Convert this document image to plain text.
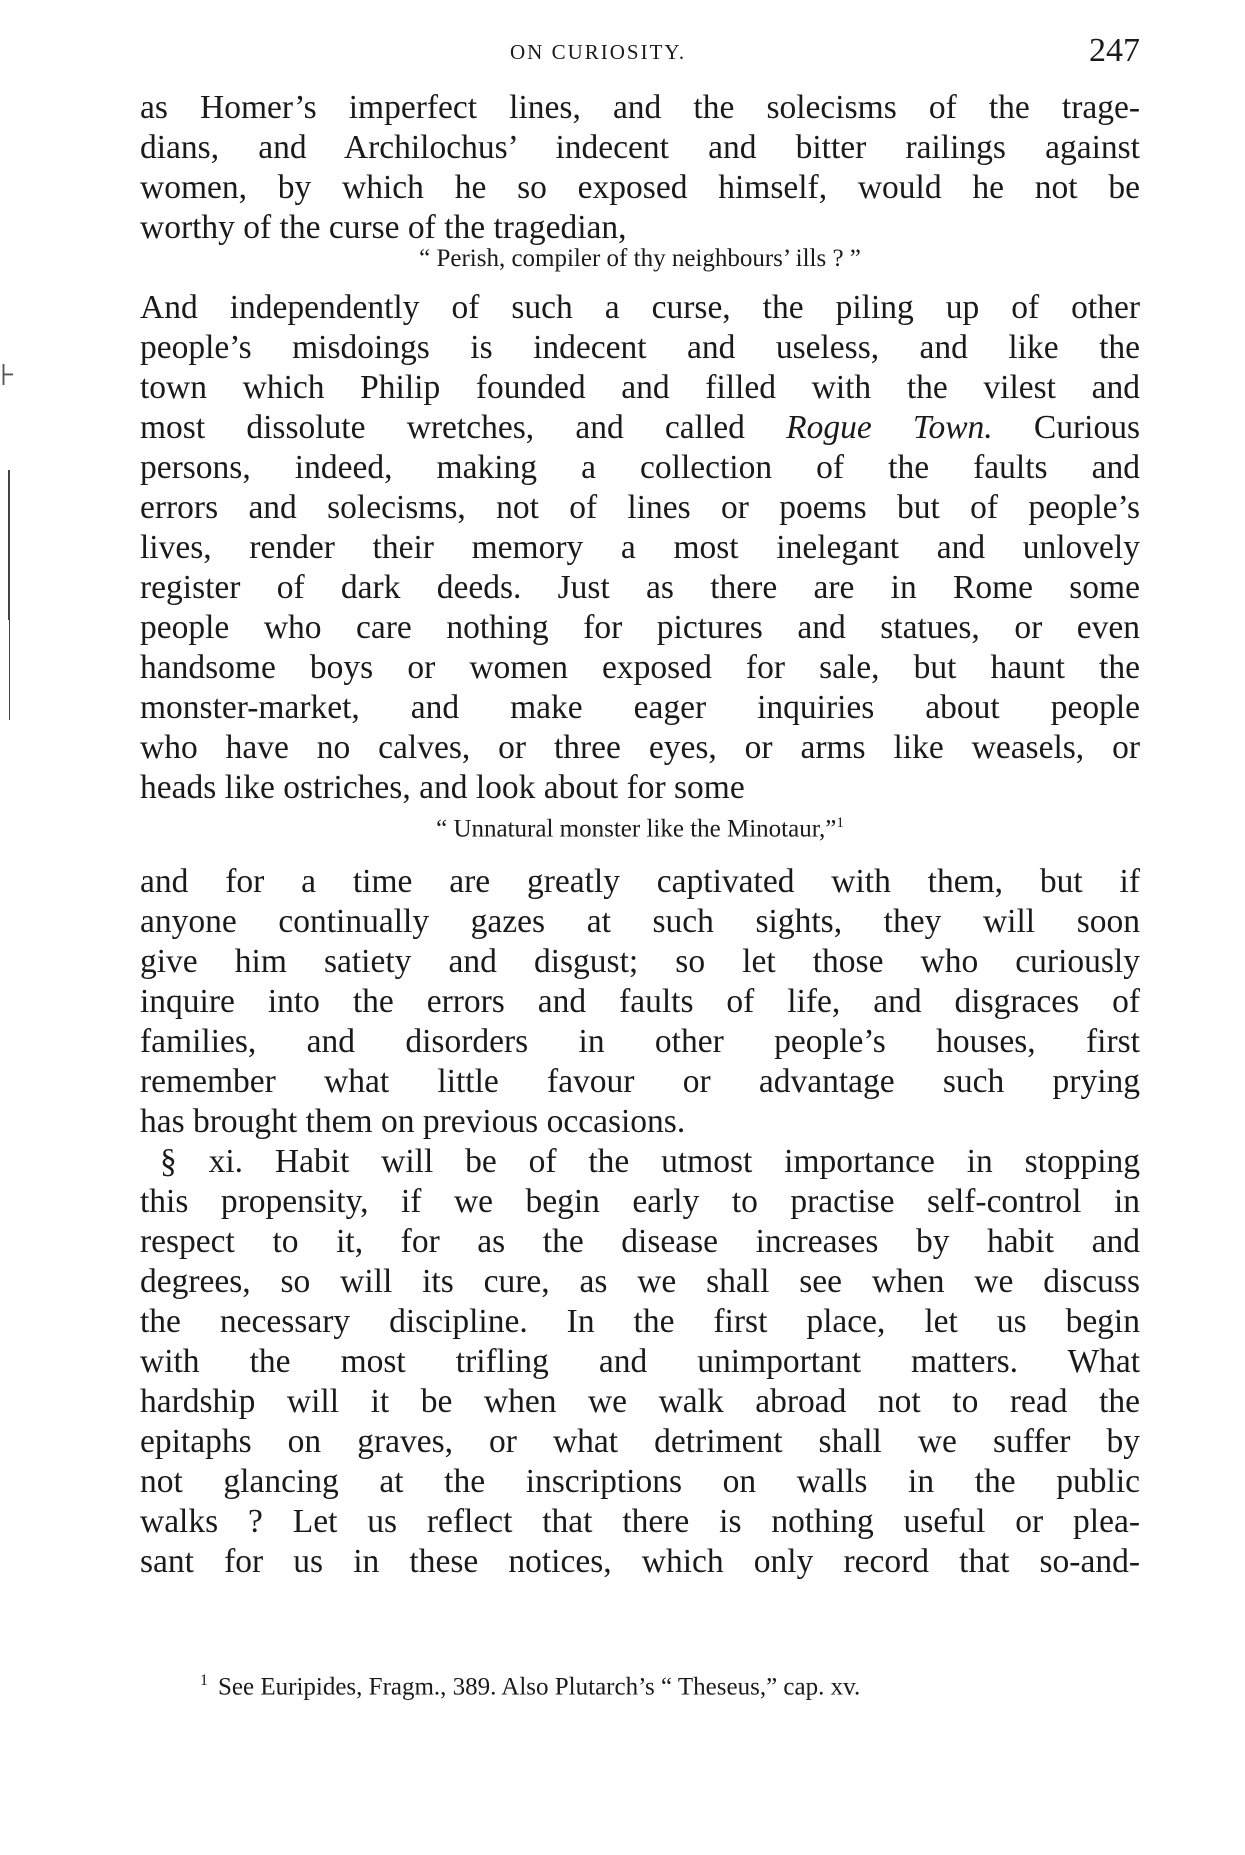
ON CURIOSITY.	247
⊦
as Homer’s imperfect lines, and the solecisms of the trage-
dians, and Archilochus’ indecent and bitter railings against
women, by which he so exposed himself, would he not be
worthy of the curse of the tragedian,
“ Perish, compiler of thy neighbours’ ills ? ”
And independently of such a curse, the piling up of other
people’s misdoings is indecent and useless, and like the
town which Philip founded and filled with the vilest and
most dissolute wretches, and called Rogue Town. Curious
persons, indeed, making a collection of the faults and
errors and solecisms, not of lines or poems but of people’s
lives, render their memory a most inelegant and unlovely
register of dark deeds. Just as there are in Rome some
people who care nothing for pictures and statues, or even
handsome boys or women exposed for sale, but haunt the
monster-market, and make eager inquiries about people
who have no calves, or three eyes, or arms like weasels, or
heads like ostriches, and look about for some
“ Unnatural monster like the Minotaur,”$^1$
and for a time are greatly captivated with them, but if
anyone continually gazes at such sights, they will soon
give him satiety and disgust; so let those who curiously
inquire into the errors and faults of life, and disgraces of
families, and disorders in other people’s houses, first
remember what little favour or advantage such prying
has brought them on previous occasions.
§ xi. Habit will be of the utmost importance in stopping
this propensity, if we begin early to practise self-control in
respect to it, for as the disease increases by habit and
degrees, so will its cure, as we shall see when we discuss
the necessary discipline. In the first place, let us begin
with the most trifling and unimportant matters. What
hardship will it be when we walk abroad not to read the
epitaphs on graves, or what detriment shall we suffer by
not glancing at the inscriptions on walls in the public
walks ? Let us reflect that there is nothing useful or plea-
sant for us in these notices, which only record that so-and-
$^1$ See Euripides, Fragm., 389. Also Plutarch’s “ Theseus,” cap. xv.
